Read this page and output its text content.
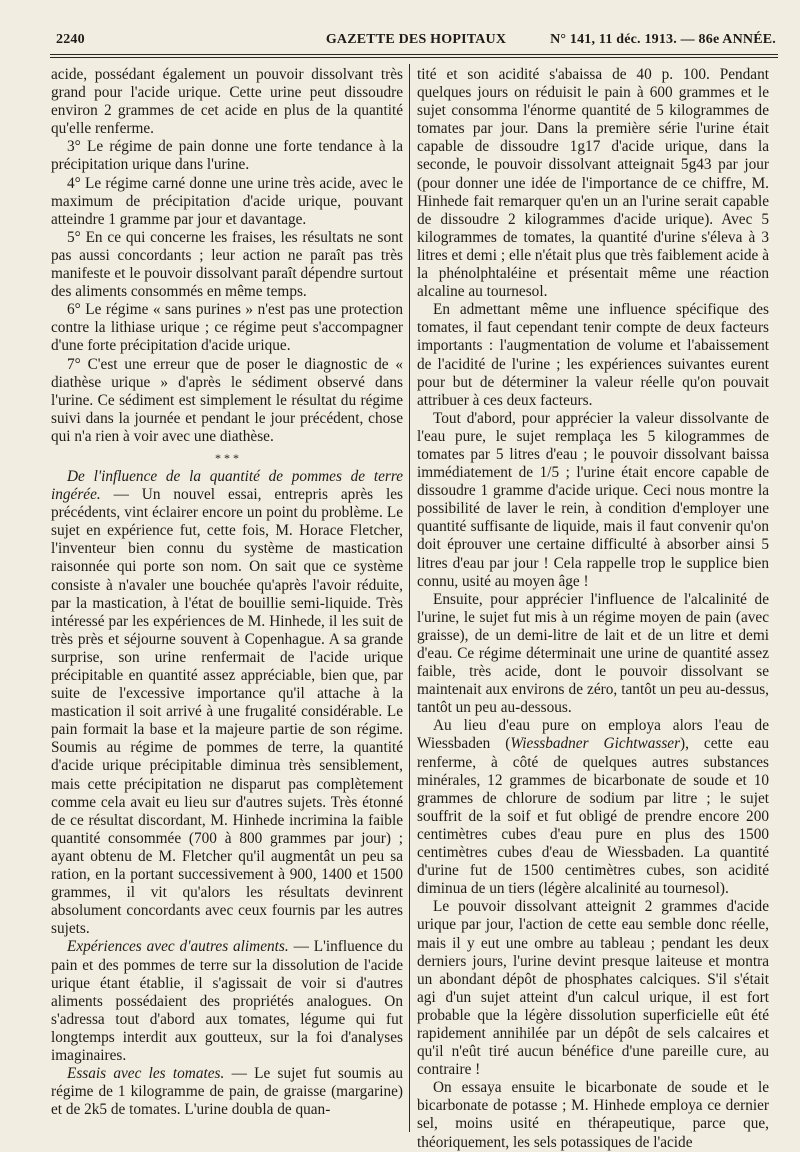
2240	GAZETTE DES HOPITAUX	N° 141, 11 déc. 1913. — 86e ANNÉE.

acide, possédant également un pouvoir dissolvant très grand pour l'acide urique. Cette urine peut dissoudre environ 2 grammes de cet acide en plus de la quantité qu'elle renferme.

3° Le régime de pain donne une forte tendance à la précipitation urique dans l'urine.

4° Le régime carné donne une urine très acide, avec le maximum de précipitation d'acide urique, pouvant atteindre 1 gramme par jour et davantage.

5° En ce qui concerne les fraises, les résultats ne sont pas aussi concordants ; leur action ne paraît pas très manifeste et le pouvoir dissolvant paraît dépendre surtout des aliments consommés en même temps.

6° Le régime « sans purines » n'est pas une protection contre la lithiase urique ; ce régime peut s'accompagner d'une forte précipitation d'acide urique.

7° C'est une erreur que de poser le diagnostic de « diathèse urique » d'après le sédiment observé dans l'urine. Ce sédiment est simplement le résultat du régime suivi dans la journée et pendant le jour précédent, chose qui n'a rien à voir avec une diathèse.

* * *

De l'influence de la quantité de pommes de terre ingérée. — Un nouvel essai, entrepris après les précédents, vint éclairer encore un point du problème. Le sujet en expérience fut, cette fois, M. Horace Fletcher, l'inventeur bien connu du système de mastication raisonnée qui porte son nom. On sait que ce système consiste à n'avaler une bouchée qu'après l'avoir réduite, par la mastication, à l'état de bouillie semi-liquide. Très intéressé par les expériences de M. Hinhede, il les suit de très près et séjourne souvent à Copenhague. A sa grande surprise, son urine renfermait de l'acide urique précipitable en quantité assez appréciable, bien que, par suite de l'excessive importance qu'il attache à la mastication il soit arrivé à une frugalité considérable. Le pain formait la base et la majeure partie de son régime. Soumis au régime de pommes de terre, la quantité d'acide urique précipitable diminua très sensiblement, mais cette précipitation ne disparut pas complètement comme cela avait eu lieu sur d'autres sujets. Très étonné de ce résultat discordant, M. Hinhede incrimina la faible quantité consommée (700 à 800 grammes par jour) ; ayant obtenu de M. Fletcher qu'il augmentât un peu sa ration, en la portant successivement à 900, 1400 et 1500 grammes, il vit qu'alors les résultats devinrent absolument concordants avec ceux fournis par les autres sujets.

Expériences avec d'autres aliments. — L'influence du pain et des pommes de terre sur la dissolution de l'acide urique étant établie, il s'agissait de voir si d'autres aliments possédaient des propriétés analogues. On s'adressa tout d'abord aux tomates, légume qui fut longtemps interdit aux goutteux, sur la foi d'analyses imaginaires.

Essais avec les tomates. — Le sujet fut soumis au régime de 1 kilogramme de pain, de graisse (margarine) et de 2k5 de tomates. L'urine doubla de quan-

tité et son acidité s'abaissa de 40 p. 100. Pendant quelques jours on réduisit le pain à 600 grammes et le sujet consomma l'énorme quantité de 5 kilogrammes de tomates par jour. Dans la première série l'urine était capable de dissoudre 1g17 d'acide urique, dans la seconde, le pouvoir dissolvant atteignait 5g43 par jour (pour donner une idée de l'importance de ce chiffre, M. Hinhede fait remarquer qu'en un an l'urine serait capable de dissoudre 2 kilogrammes d'acide urique). Avec 5 kilogrammes de tomates, la quantité d'urine s'éleva à 3 litres et demi ; elle n'était plus que très faiblement acide à la phénolphtaléine et présentait même une réaction alcaline au tournesol.

En admettant même une influence spécifique des tomates, il faut cependant tenir compte de deux facteurs importants : l'augmentation de volume et l'abaissement de l'acidité de l'urine ; les expériences suivantes eurent pour but de déterminer la valeur réelle qu'on pouvait attribuer à ces deux facteurs.

Tout d'abord, pour apprécier la valeur dissolvante de l'eau pure, le sujet remplaça les 5 kilogrammes de tomates par 5 litres d'eau ; le pouvoir dissolvant baissa immédiatement de 1/5 ; l'urine était encore capable de dissoudre 1 gramme d'acide urique. Ceci nous montre la possibilité de laver le rein, à condition d'employer une quantité suffisante de liquide, mais il faut convenir qu'on doit éprouver une certaine difficulté à absorber ainsi 5 litres d'eau par jour ! Cela rappelle trop le supplice bien connu, usité au moyen âge !

Ensuite, pour apprécier l'influence de l'alcalinité de l'urine, le sujet fut mis à un régime moyen de pain (avec graisse), de un demi-litre de lait et de un litre et demi d'eau. Ce régime déterminait une urine de quantité assez faible, très acide, dont le pouvoir dissolvant se maintenait aux environs de zéro, tantôt un peu au-dessus, tantôt un peu au-dessous.

Au lieu d'eau pure on employa alors l'eau de Wiessbaden (Wiessbadner Gichtwasser), cette eau renferme, à côté de quelques autres substances minérales, 12 grammes de bicarbonate de soude et 10 grammes de chlorure de sodium par litre ; le sujet souffrit de la soif et fut obligé de prendre encore 200 centimètres cubes d'eau pure en plus des 1500 centimètres cubes d'eau de Wiessbaden. La quantité d'urine fut de 1500 centimètres cubes, son acidité diminua de un tiers (légère alcalinité au tournesol).

Le pouvoir dissolvant atteignit 2 grammes d'acide urique par jour, l'action de cette eau semble donc réelle, mais il y eut une ombre au tableau ; pendant les deux derniers jours, l'urine devint presque laiteuse et montra un abondant dépôt de phosphates calciques. S'il s'était agi d'un sujet atteint d'un calcul urique, il est fort probable que la légère dissolution superficielle eût été rapidement annihilée par un dépôt de sels calcaires et qu'il n'eût tiré aucun bénéfice d'une pareille cure, au contraire !

On essaya ensuite le bicarbonate de soude et le bicarbonate de potasse ; M. Hinhede employa ce dernier sel, moins usité en thérapeutique, parce que, théoriquement, les sels potassiques de l'acide
